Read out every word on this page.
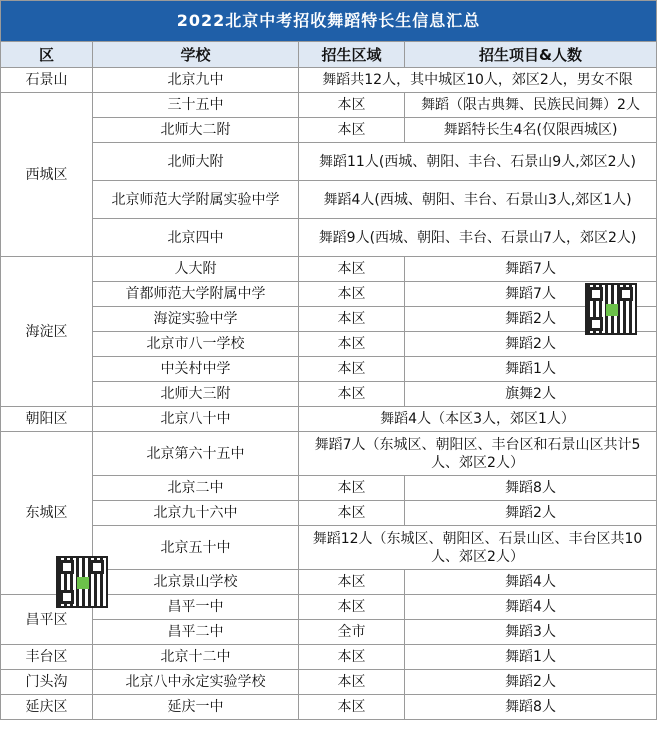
2022北京中考招收舞蹈特长生信息汇总			
区	学校	招生区域	招生项目&人数
石景山	北京九中	舞蹈共12人，其中城区10人，郊区2人，男女不限	
西城区	三十五中	本区	舞蹈（限古典舞、民族民间舞）2人
	北师大二附	本区	舞蹈特长生4名(仅限西城区)
	北师大附	舞蹈11人(西城、朝阳、丰台、石景山9人,郊区2人)	
	北京师范大学附属实验中学	舞蹈4人(西城、朝阳、丰台、石景山3人,郊区1人)	
	北京四中	舞蹈9人(西城、朝阳、丰台、石景山7人，郊区2人)	
海淀区	人大附	本区	舞蹈7人
	首都师范大学附属中学	本区	舞蹈7人
	海淀实验中学	本区	舞蹈2人
	北京市八一学校	本区	舞蹈2人
	中关村中学	本区	舞蹈1人
	北师大三附	本区	旗舞2人
朝阳区	北京八十中	舞蹈4人（本区3人，郊区1人）	
东城区	北京第六十五中	舞蹈7人（东城区、朝阳区、丰台区和石景山区共计5人、郊区2人）	
	北京二中	本区	舞蹈8人
	北京九十六中	本区	舞蹈2人
	北京五十中	舞蹈12人（东城区、朝阳区、石景山区、丰台区共10人、郊区2人）	
	北京景山学校	本区	舞蹈4人
昌平区	昌平一中	本区	舞蹈4人
	昌平二中	全市	舞蹈3人
丰台区	北京十二中	本区	舞蹈1人
门头沟	北京八中永定实验学校	本区	舞蹈2人
延庆区	延庆一中	本区	舞蹈8人
